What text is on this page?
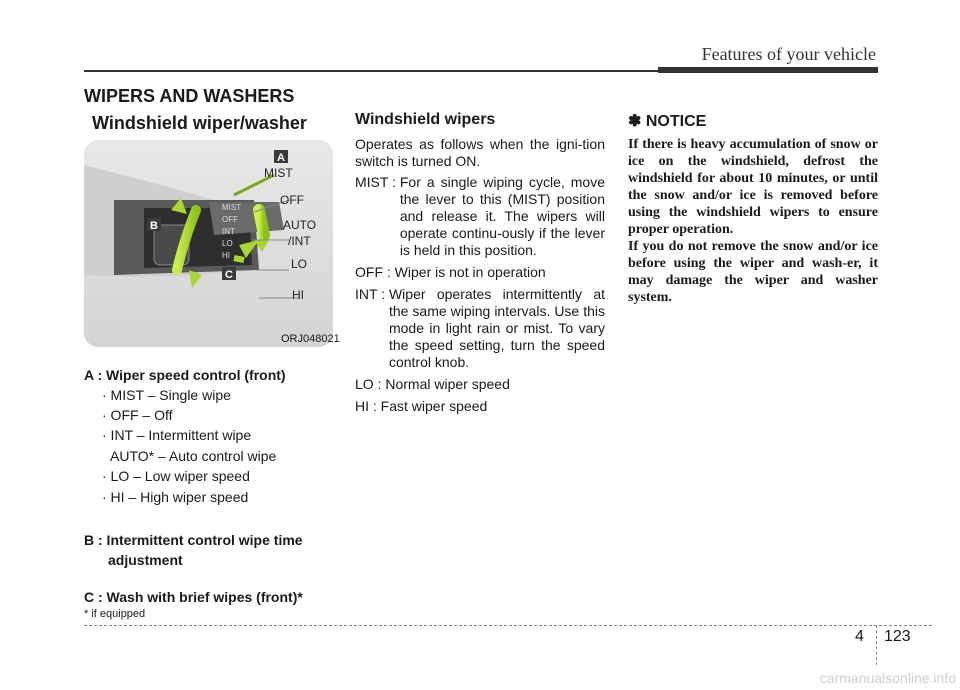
Features of your vehicle
WIPERS AND WASHERS
Windshield wiper/washer
MIST
OFF
INT
LO
HI
A
B
C
MIST
OFF
AUTO
/INT
LO
HI
ORJ048021
A : Wiper speed control (front)
· MIST – Single wipe
· OFF – Off
· INT – Intermittent wipe
AUTO* – Auto control wipe
· LO – Low wiper speed
· HI – High wiper speed
B : Intermittent control wipe time
adjustment
C : Wash with brief wipes (front)*
* if equipped
Windshield wipers
Operates as follows when the igni-tion switch is turned ON.
MIST : For a single wiping cycle, move the lever to this (MIST) position and release it. The wipers will operate continu-ously if the lever is held in this position.
OFF : Wiper is not in operation
INT : Wiper operates intermittently at the same wiping intervals. Use this mode in light rain or mist. To vary the speed setting, turn the speed control knob.
LO : Normal wiper speed
HI : Fast wiper speed
✽ NOTICE

If there is heavy accumulation of snow or ice on the windshield, defrost the windshield for about 10 minutes, or until the snow and/or ice is removed before using the windshield wipers to ensure proper operation.

If you do not remove the snow and/or ice before using the wiper and wash-er, it may damage the wiper and washer system.

4 123
carmanualsonline.info
